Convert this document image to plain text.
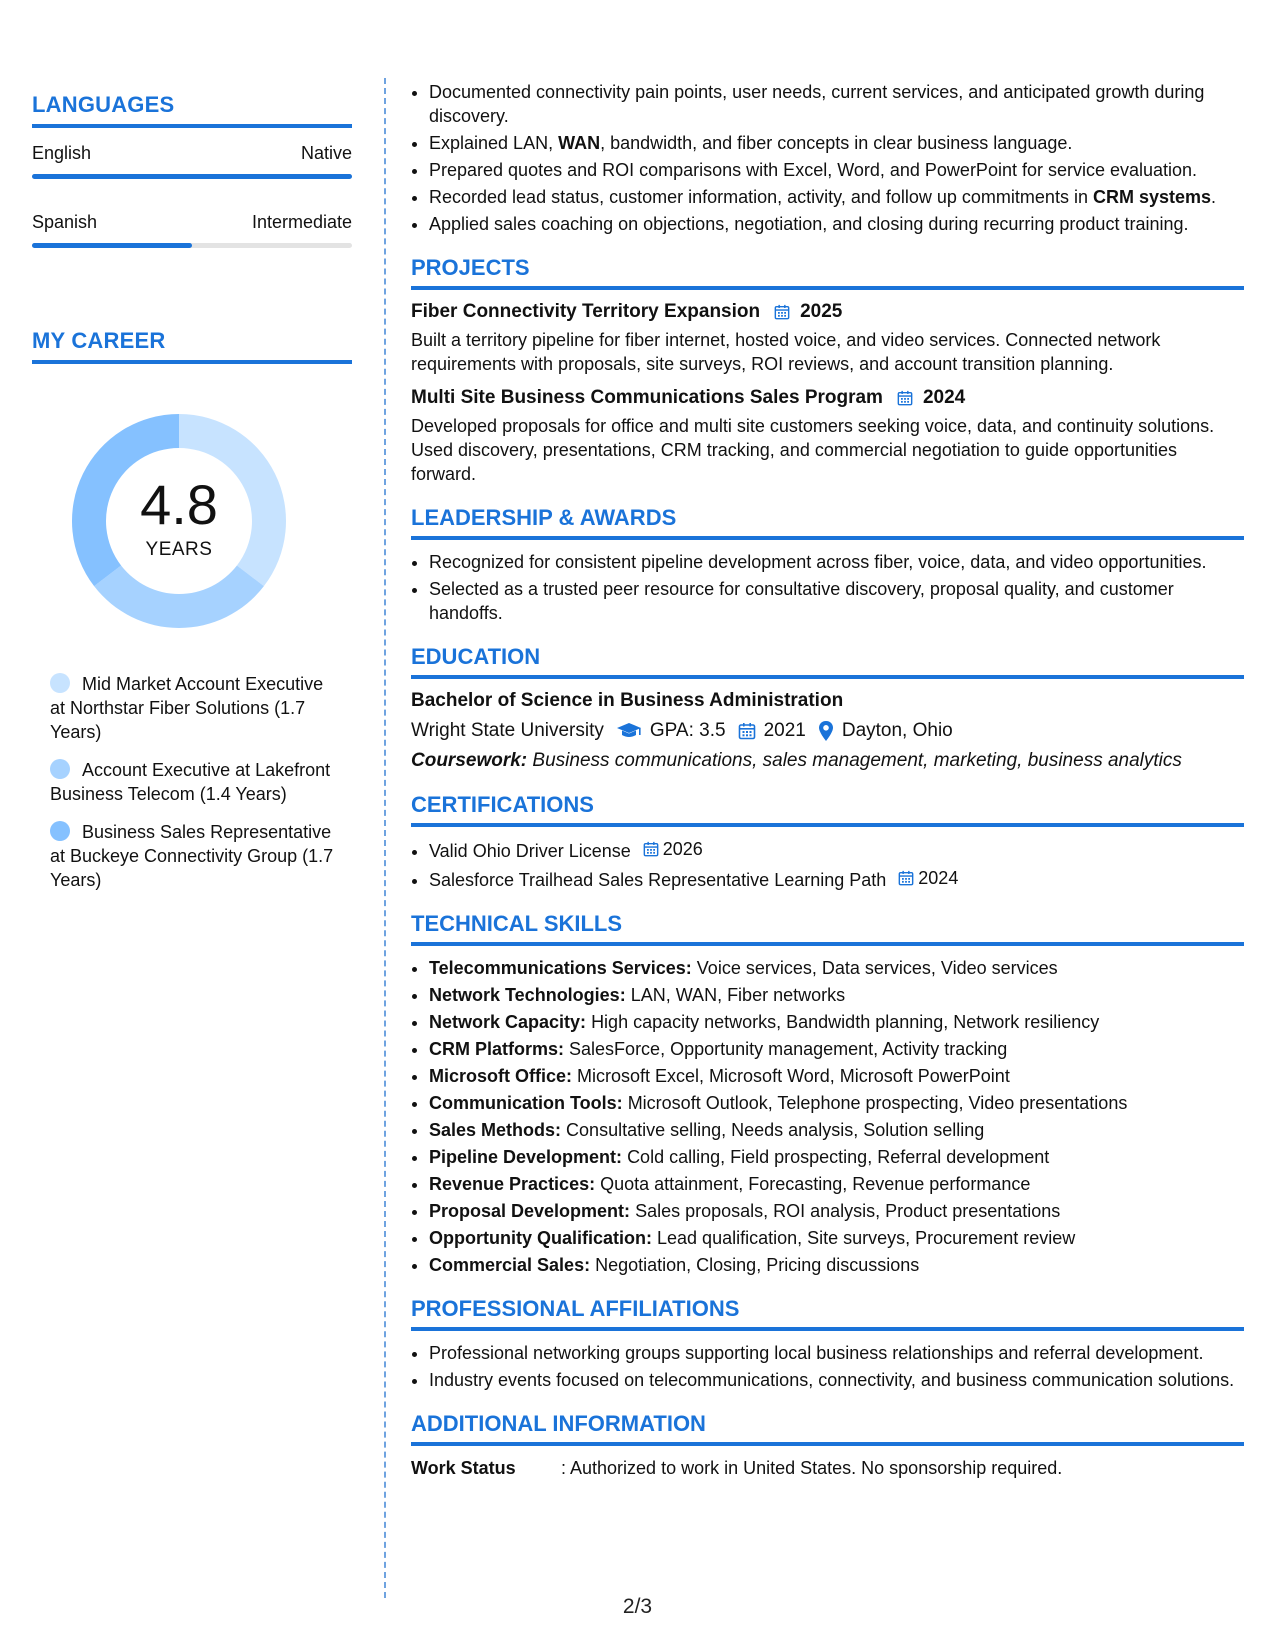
LANGUAGES
English	Native
Spanish	Intermediate
MY CAREER
4.8
YEARS
Mid Market Account Executive at Northstar Fiber Solutions (1.7 Years)
Account Executive at Lakefront Business Telecom (1.4 Years)
Business Sales Representative at Buckeye Connectivity Group (1.7 Years)
• Documented connectivity pain points, user needs, current services, and anticipated growth during discovery.
• Explained LAN, WAN, bandwidth, and fiber concepts in clear business language.
• Prepared quotes and ROI comparisons with Excel, Word, and PowerPoint for service evaluation.
• Recorded lead status, customer information, activity, and follow up commitments in CRM systems.
• Applied sales coaching on objections, negotiation, and closing during recurring product training.
PROJECTS
Fiber Connectivity Territory Expansion 2025
Built a territory pipeline for fiber internet, hosted voice, and video services. Connected network requirements with proposals, site surveys, ROI reviews, and account transition planning.
Multi Site Business Communications Sales Program 2024
Developed proposals for office and multi site customers seeking voice, data, and continuity solutions. Used discovery, presentations, CRM tracking, and commercial negotiation to guide opportunities forward.
LEADERSHIP & AWARDS
• Recognized for consistent pipeline development across fiber, voice, data, and video opportunities.
• Selected as a trusted peer resource for consultative discovery, proposal quality, and customer handoffs.
EDUCATION
Bachelor of Science in Business Administration
Wright State University GPA: 3.5 2021 Dayton, Ohio
Coursework: Business communications, sales management, marketing, business analytics
CERTIFICATIONS
• Valid Ohio Driver License 2026
• Salesforce Trailhead Sales Representative Learning Path 2024
TECHNICAL SKILLS
• Telecommunications Services: Voice services, Data services, Video services
• Network Technologies: LAN, WAN, Fiber networks
• Network Capacity: High capacity networks, Bandwidth planning, Network resiliency
• CRM Platforms: SalesForce, Opportunity management, Activity tracking
• Microsoft Office: Microsoft Excel, Microsoft Word, Microsoft PowerPoint
• Communication Tools: Microsoft Outlook, Telephone prospecting, Video presentations
• Sales Methods: Consultative selling, Needs analysis, Solution selling
• Pipeline Development: Cold calling, Field prospecting, Referral development
• Revenue Practices: Quota attainment, Forecasting, Revenue performance
• Proposal Development: Sales proposals, ROI analysis, Product presentations
• Opportunity Qualification: Lead qualification, Site surveys, Procurement review
• Commercial Sales: Negotiation, Closing, Pricing discussions
PROFESSIONAL AFFILIATIONS
• Professional networking groups supporting local business relationships and referral development.
• Industry events focused on telecommunications, connectivity, and business communication solutions.
ADDITIONAL INFORMATION
Work Status	: Authorized to work in United States. No sponsorship required.
2/3
